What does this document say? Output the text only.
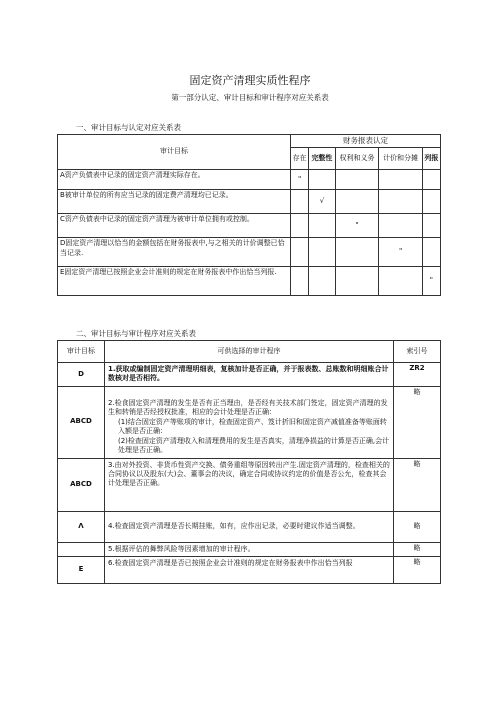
固定资产清理实质性程序
第一部分认定、审计目标和审计程序对应关系表
一、审计目标与认定对应关系表
审计目标	财务报表认定				
	存在	完整性	权利和义务	计价和分摊	列报
A资产负债表中记录的固定资产清理实际存在。	"				
B被审计单位的所有应当记录的固定费产清理均已记录。		√			
C资产负债表中记录的固定资产清理为被审计单位拥有或控制。			"		
D固定资产清理以恰当的金额包括在财务报表中,与之相关的计价调整已恰当记录.				"	
E固定资产清理已按照企业会计准则的规定在财务报表中作出恰当列报.					"
二、审计目标与审计程序对应关系表
审计目标	可供选择的审计程序	索引号
D	1.获取或编制固定资产清理明细表，复核加计是否正确，并于报表数、总账数和明细账合计数核对是否相符。	ZR2
ABCD	2.检食固定资产清理的发生是否有正当理由，是否经有关技术部门签定，固定资产清理的发生和转销是否经授权批准，相应的会计处理是否正确：
(1)结合固定资产等账项的审计，检查固定资产、笈计折旧和固定资产减值准备等账面转入额是否正确：
(2)检查固定资产清理收入和清理费用的发生是否真实，清理净损益的计算是否正确,会计处理是否正确。	略
ABCD	3.由对外投资、非货币性资产交换、债务重组等原因转出产生.固定资产清理的，检查相关的合同协议以及股东(大)会、董事会的决议，确定合同或协议约定的价值是否公允，检查其会计处理是否正确。	略
Λ	4.检查固定资产清理是否长期挂账，如有，应作出记录，必要时建议作适当调整。	略

	5.根据评估的舞弊风险等因素增加的审计程序。	略
E	6.检查固定资产清理是否已按照企业会计准则的规定在财务报表中作出恰当列报	略
